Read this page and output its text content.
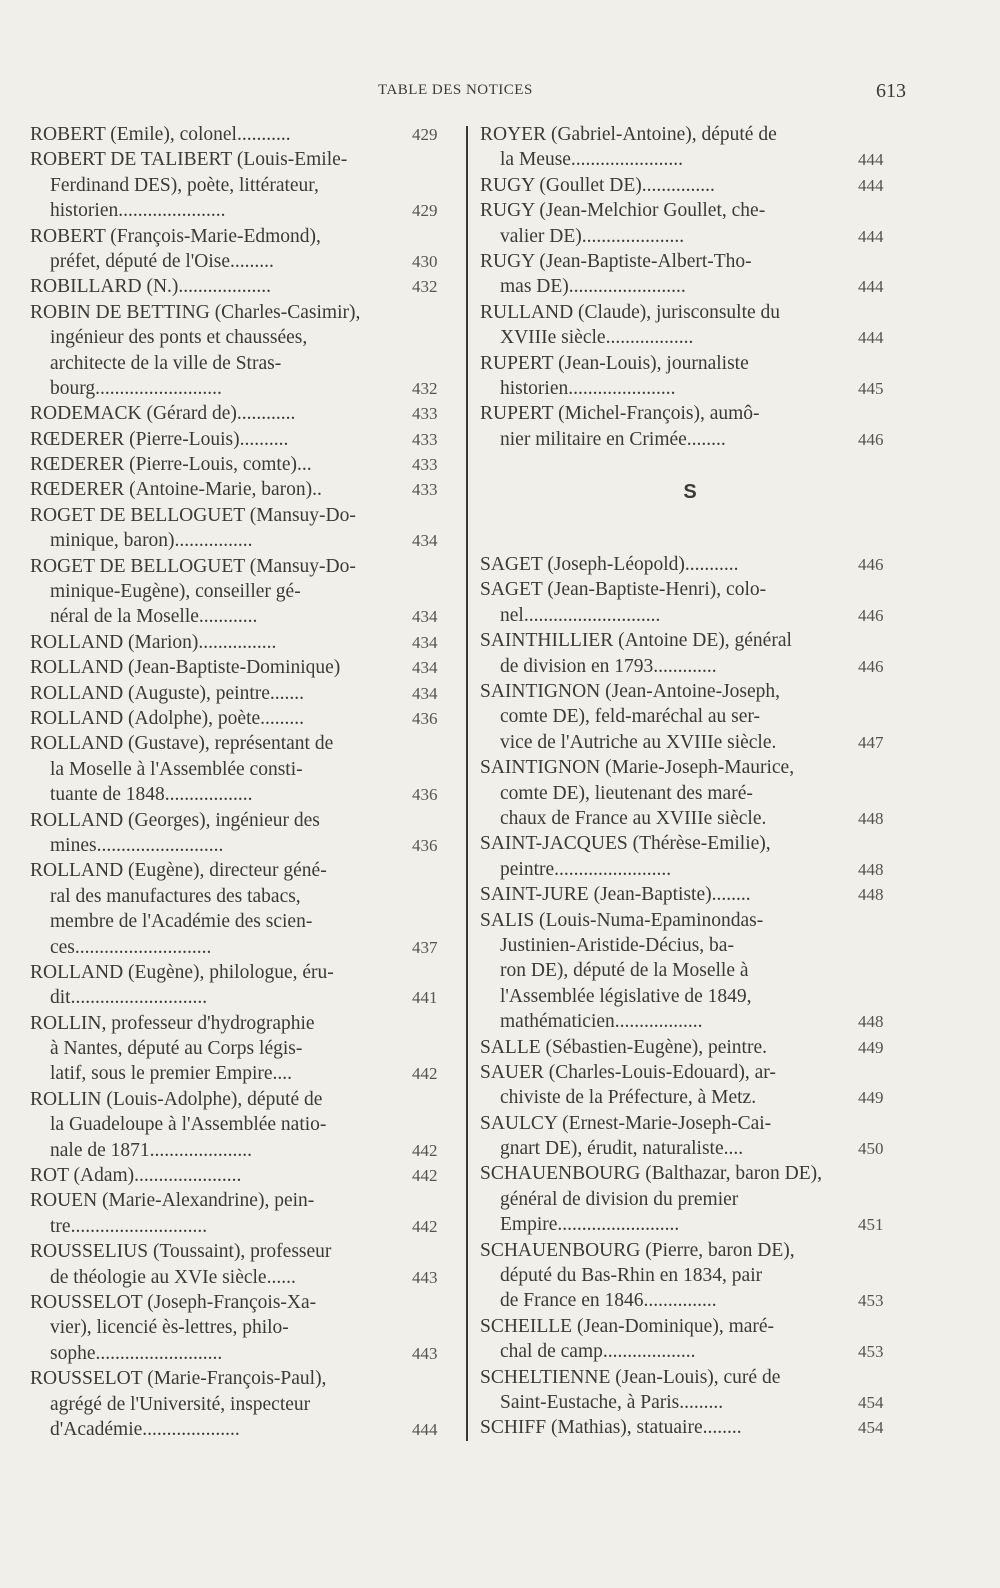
TABLE DES NOTICES	613
ROBERT (Emile), colonel...........	429
ROBERT DE TALIBERT (Louis-Emile-
Ferdinand DES), poète, littérateur,
historien......................	429
ROBERT (François-Marie-Edmond),
préfet, député de l'Oise.........	430
ROBILLARD (N.)...................	432
ROBIN DE BETTING (Charles-Casimir),
ingénieur des ponts et chaussées,
architecte de la ville de Stras-
bourg..........................	432
RODEMACK (Gérard de)............	433
RŒDERER (Pierre-Louis)..........	433
RŒDERER (Pierre-Louis, comte)...	433
RŒDERER (Antoine-Marie, baron)..	433
ROGET DE BELLOGUET (Mansuy-Do-
minique, baron)................	434
ROGET DE BELLOGUET (Mansuy-Do-
minique-Eugène), conseiller gé-
néral de la Moselle............	434
ROLLAND (Marion)................	434
ROLLAND (Jean-Baptiste-Dominique)	434
ROLLAND (Auguste), peintre.......	434
ROLLAND (Adolphe), poète.........	436
ROLLAND (Gustave), représentant de
la Moselle à l'Assemblée consti-
tuante de 1848..................	436
ROLLAND (Georges), ingénieur des
mines..........................	436
ROLLAND (Eugène), directeur géné-
ral des manufactures des tabacs,
membre de l'Académie des scien-
ces............................	437
ROLLAND (Eugène), philologue, éru-
dit............................	441
ROLLIN, professeur d'hydrographie
à Nantes, député au Corps légis-
latif, sous le premier Empire....	442
ROLLIN (Louis-Adolphe), député de
la Guadeloupe à l'Assemblée natio-
nale de 1871.....................	442
ROT (Adam)......................	442
ROUEN (Marie-Alexandrine), pein-
tre............................	442
ROUSSELIUS (Toussaint), professeur
de théologie au XVIe siècle......	443
ROUSSELOT (Joseph-François-Xa-
vier), licencié ès-lettres, philo-
sophe..........................	443
ROUSSELOT (Marie-François-Paul),
agrégé de l'Université, inspecteur
d'Académie....................	444
ROYER (Gabriel-Antoine), député de
la Meuse.......................	444
RUGY (Goullet DE)...............	444
RUGY (Jean-Melchior Goullet, che-
valier DE).....................	444
RUGY (Jean-Baptiste-Albert-Tho-
mas DE)........................	444
RULLAND (Claude), jurisconsulte du
XVIIIe siècle..................	444
RUPERT (Jean-Louis), journaliste
historien......................	445
RUPERT (Michel-François), aumô-
nier militaire en Crimée........	446
S
SAGET (Joseph-Léopold)...........	446
SAGET (Jean-Baptiste-Henri), colo-
nel............................	446
SAINTHILLIER (Antoine DE), général
de division en 1793.............	446
SAINTIGNON (Jean-Antoine-Joseph,
comte DE), feld-maréchal au ser-
vice de l'Autriche au XVIIIe siècle.	447
SAINTIGNON (Marie-Joseph-Maurice,
comte DE), lieutenant des maré-
chaux de France au XVIIIe siècle.	448
SAINT-JACQUES (Thérèse-Emilie),
peintre........................	448
SAINT-JURE (Jean-Baptiste)........	448
SALIS (Louis-Numa-Epaminondas-
Justinien-Aristide-Décius, ba-
ron DE), député de la Moselle à
l'Assemblée législative de 1849,
mathématicien..................	448
SALLE (Sébastien-Eugène), peintre.	449
SAUER (Charles-Louis-Edouard), ar-
chiviste de la Préfecture, à Metz.	449
SAULCY (Ernest-Marie-Joseph-Cai-
gnart DE), érudit, naturaliste....	450
SCHAUENBOURG (Balthazar, baron DE),
général de division du premier
Empire.........................	451
SCHAUENBOURG (Pierre, baron DE),
député du Bas-Rhin en 1834, pair
de France en 1846...............	453
SCHEILLE (Jean-Dominique), maré-
chal de camp...................	453
SCHELTIENNE (Jean-Louis), curé de
Saint-Eustache, à Paris.........	454
SCHIFF (Mathias), statuaire........	454
